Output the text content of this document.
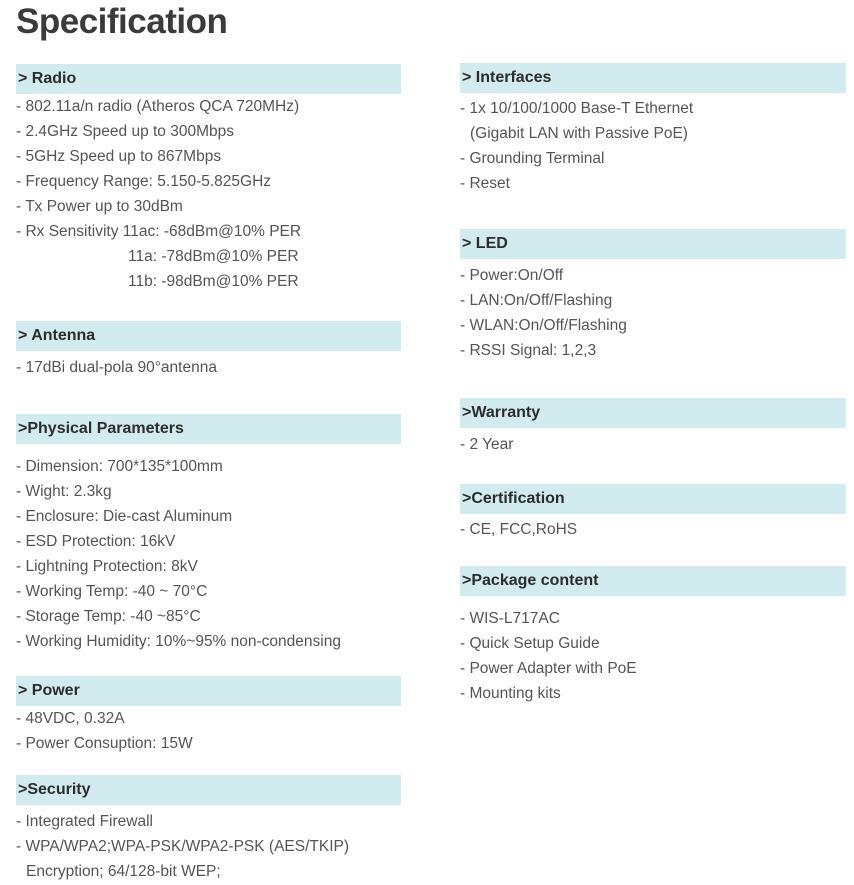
Specification
> Radio
- 802.11a/n radio (Atheros QCA 720MHz)
- 2.4GHz Speed up to 300Mbps
- 5GHz Speed up to 867Mbps
- Frequency Range: 5.150-5.825GHz
- Tx Power up to 30dBm
- Rx Sensitivity 11ac: -68dBm@10% PER
11a: -78dBm@10% PER
11b: -98dBm@10% PER
> Antenna
- 17dBi dual-pola 90°antenna
>Physical Parameters
- Dimension: 700*135*100mm
- Wight: 2.3kg
- Enclosure: Die-cast Aluminum
- ESD Protection: 16kV
- Lightning Protection: 8kV
- Working Temp: -40 ~ 70°C
- Storage Temp: -40 ~85°C
- Working Humidity: 10%~95% non-condensing
> Power
- 48VDC, 0.32A
- Power Consuption: 15W
>Security
- Integrated Firewall
- WPA/WPA2;WPA-PSK/WPA2-PSK (AES/TKIP)
Encryption; 64/128-bit WEP;
> Interfaces
- 1x 10/100/1000 Base-T Ethernet
(Gigabit LAN with Passive PoE)
- Grounding Terminal
- Reset
> LED
- Power:On/Off
- LAN:On/Off/Flashing
- WLAN:On/Off/Flashing
- RSSI Signal: 1,2,3
>Warranty
- 2 Year
>Certification
- CE, FCC,RoHS
>Package content
- WIS-L717AC
- Quick Setup Guide
- Power Adapter with PoE
- Mounting kits
